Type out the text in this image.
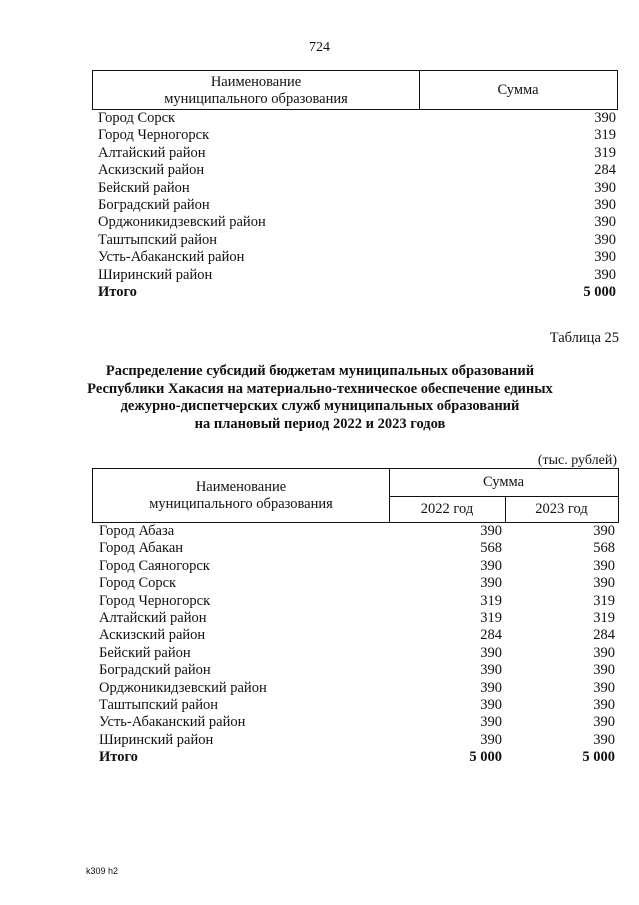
724
Наименование
муниципального образования
Сумма
Город Сорск	390
Город Черногорск	319
Алтайский район	319
Аскизский район	284
Бейский район	390
Боградский район	390
Орджоникидзевский район	390
Таштыпский район	390
Усть-Абаканский район	390
Ширинский район	390
Итого	5 000
Таблица 25
Распределение субсидий бюджетам муниципальных образований
Республики Хакасия на материально-техническое обеспечение единых
дежурно-диспетчерских служб муниципальных образований
на плановый период 2022 и 2023 годов
(тыс. рублей)
Наименование
муниципального образования
Сумма
2022 год	2023 год
Город Абаза	390	390
Город Абакан	568	568
Город Саяногорск	390	390
Город Сорск	390	390
Город Черногорск	319	319
Алтайский район	319	319
Аскизский район	284	284
Бейский район	390	390
Боградский район	390	390
Орджоникидзевский район	390	390
Таштыпский район	390	390
Усть-Абаканский район	390	390
Ширинский район	390	390
Итого	5 000	5 000
k309 h2
